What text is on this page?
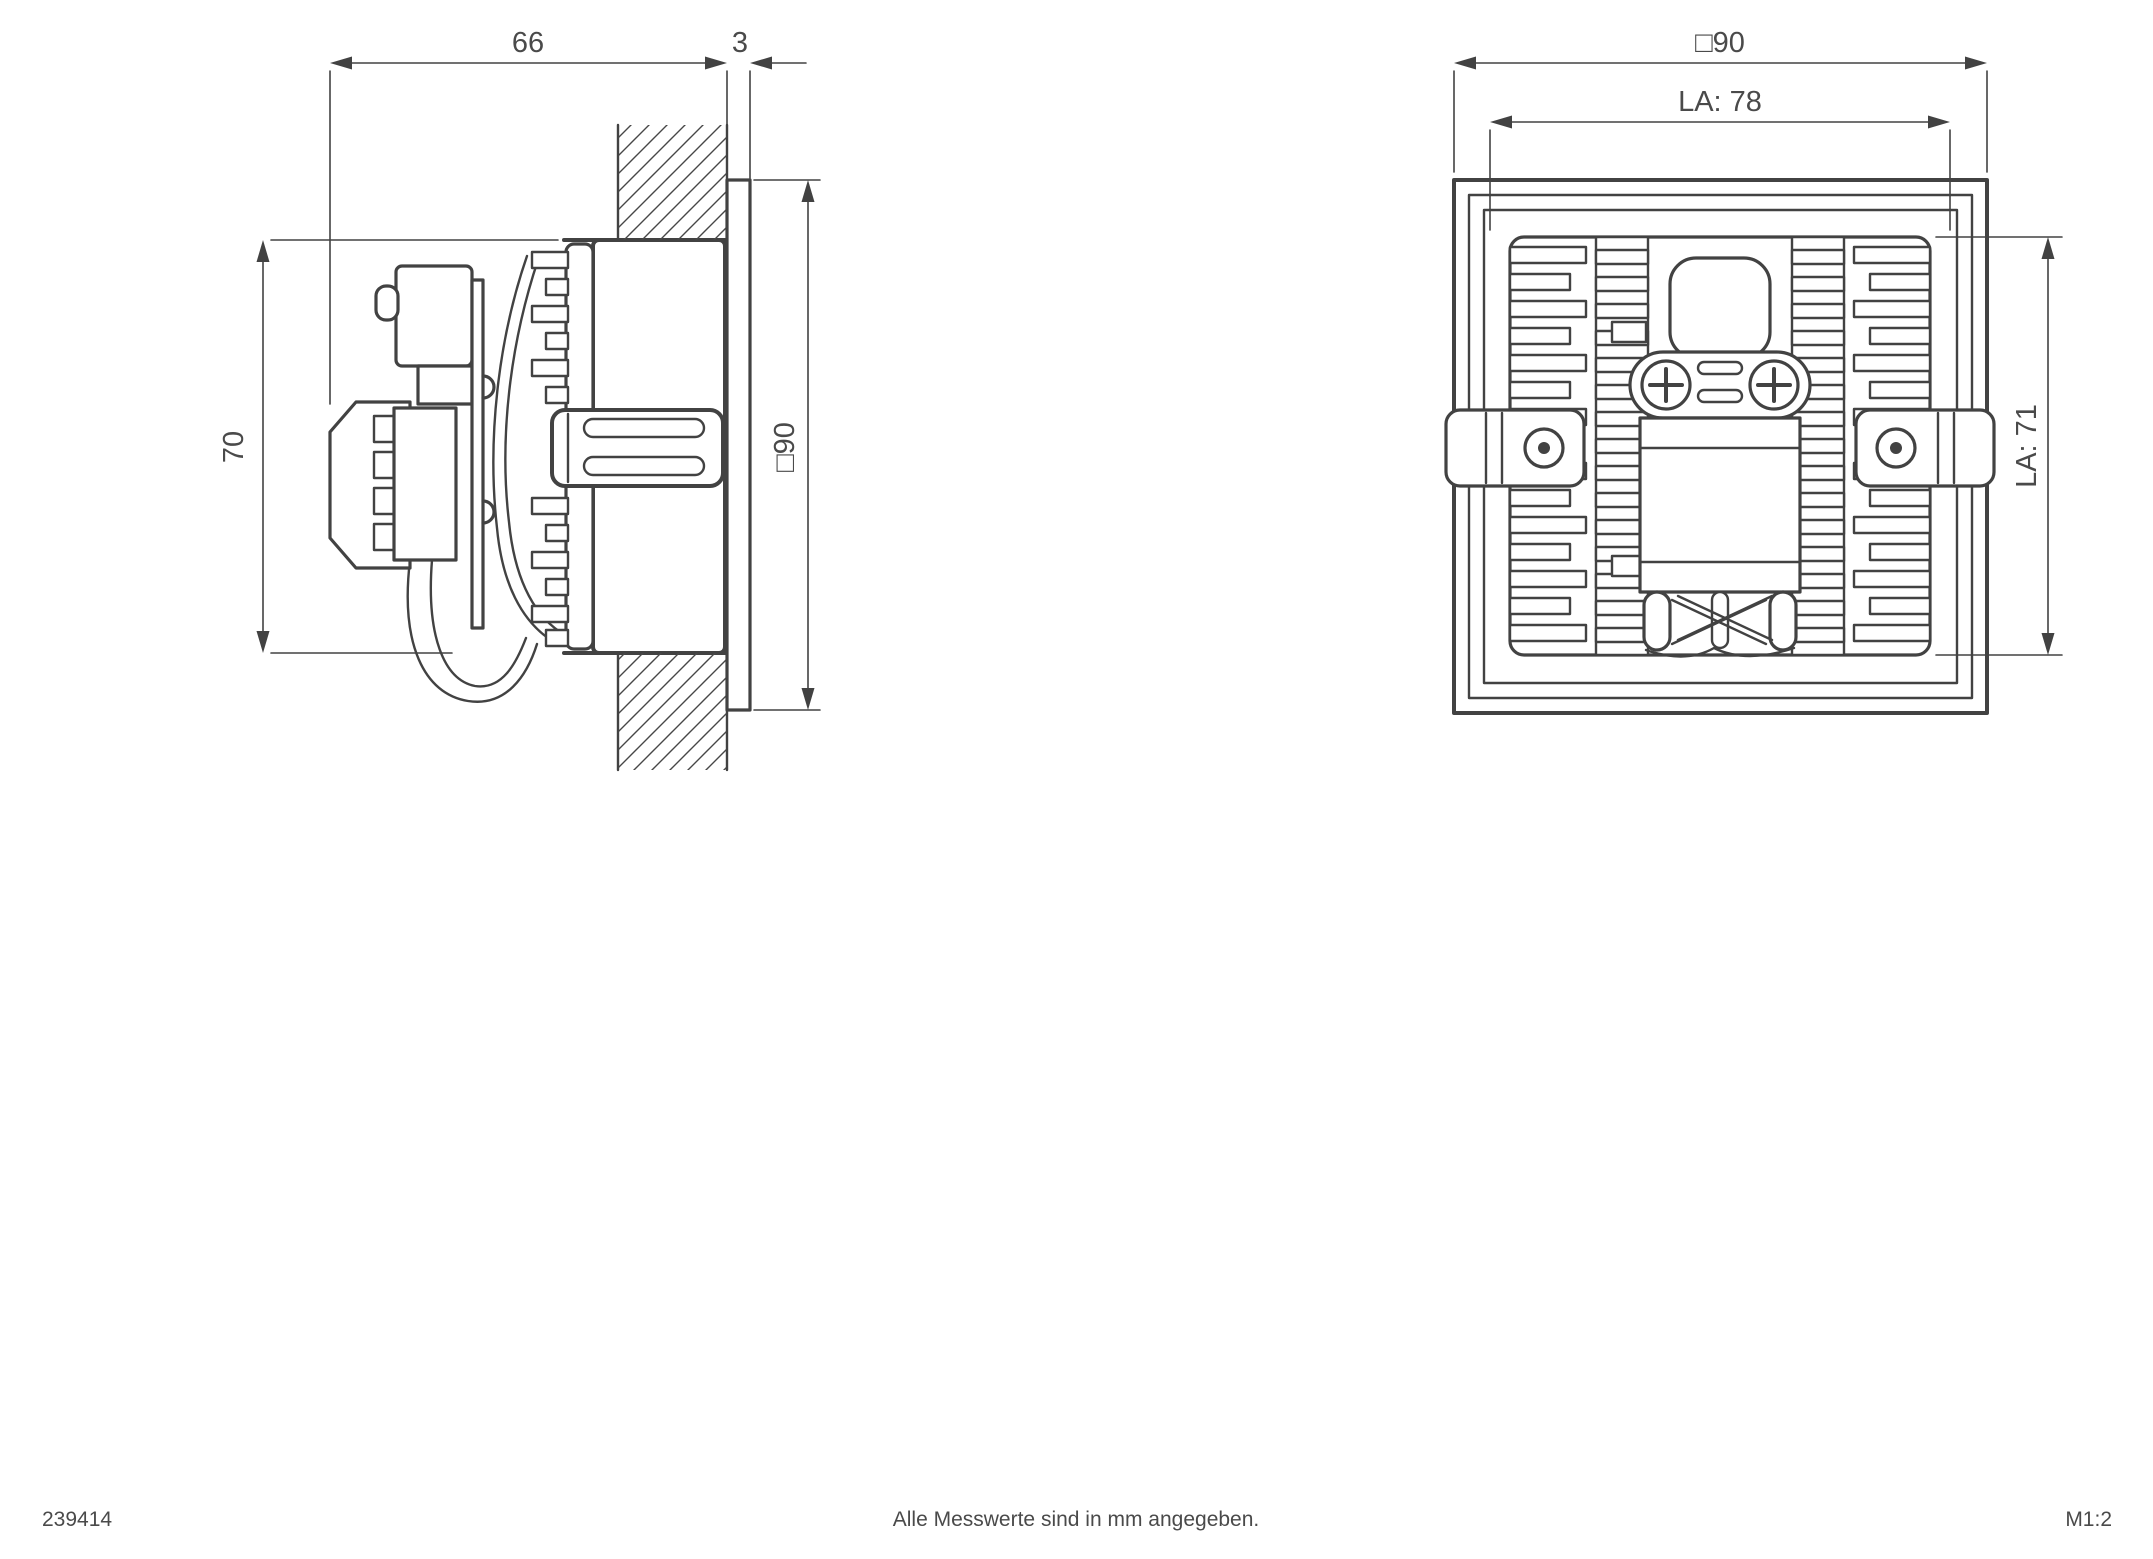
66	3
70	□90
□90
LA: 78
LA: 71
239414	Alle Messwerte sind in mm angegeben.	M1:2
